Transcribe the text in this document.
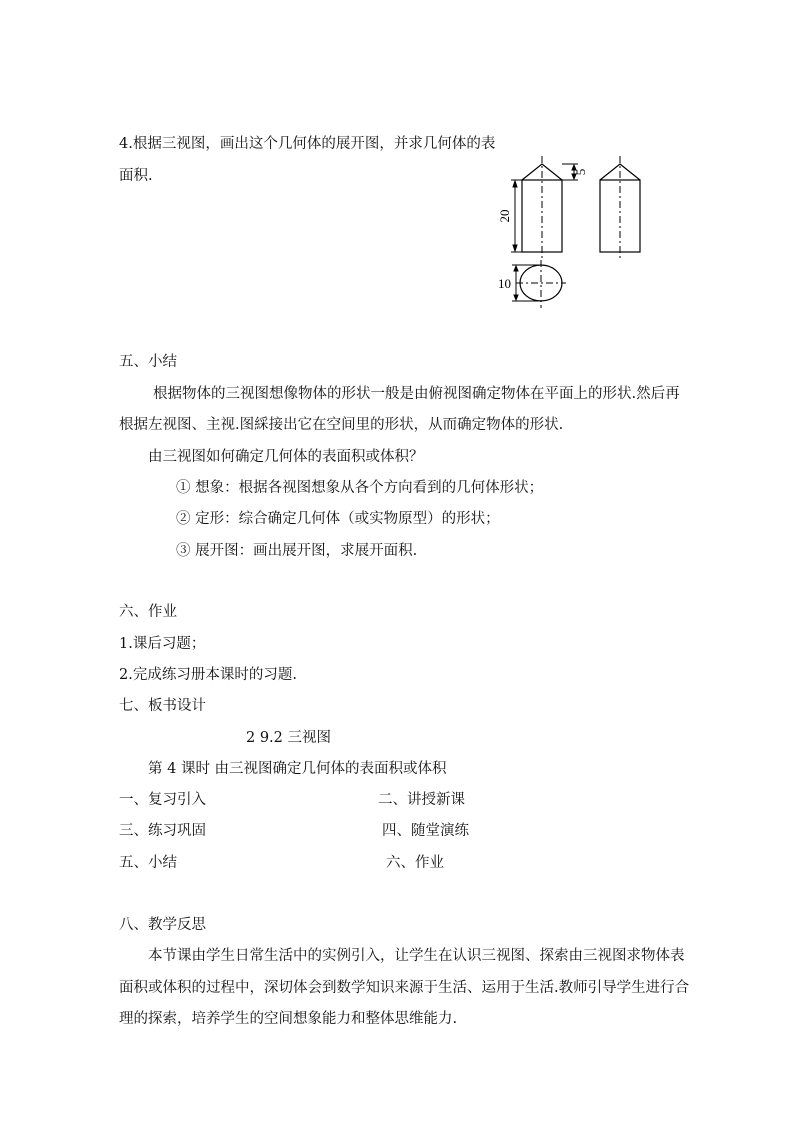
4.根据三视图，画出这个几何体的展开图，并求几何体的表
面积.
20
5
10
五、小结
根据物体的三视图想像物体的形状一般是由俯视图确定物体在平面上的形状.然后再
根据左视图、主视.图綵接出它在空间里的形状，从而确定物体的形状.
由三视图如何确定几何体的表面积或体积？
① 想象：根据各视图想象从各个方向看到的几何体形状；
② 定形：综合确定几何体（或实物原型）的形状；
③ 展开图：画出展开图，求展开面积.
六、作业
1.课后习题；
2.完成练习册本课时的习题.
七、板书设计
2 9.2 三视图
第 4 课时 由三视图确定几何体的表面积或体积
一、复习引入	二、讲授新课
三、练习巩固	四、随堂演练
五、小结	六、作业
八、教学反思
本节课由学生日常生活中的实例引入，让学生在认识三视图、探索由三视图求物体表
面积或体积的过程中，深切体会到数学知识来源于生活、运用于生活.教师引导学生进行合
理的探索，培养学生的空间想象能力和整体思维能力.
